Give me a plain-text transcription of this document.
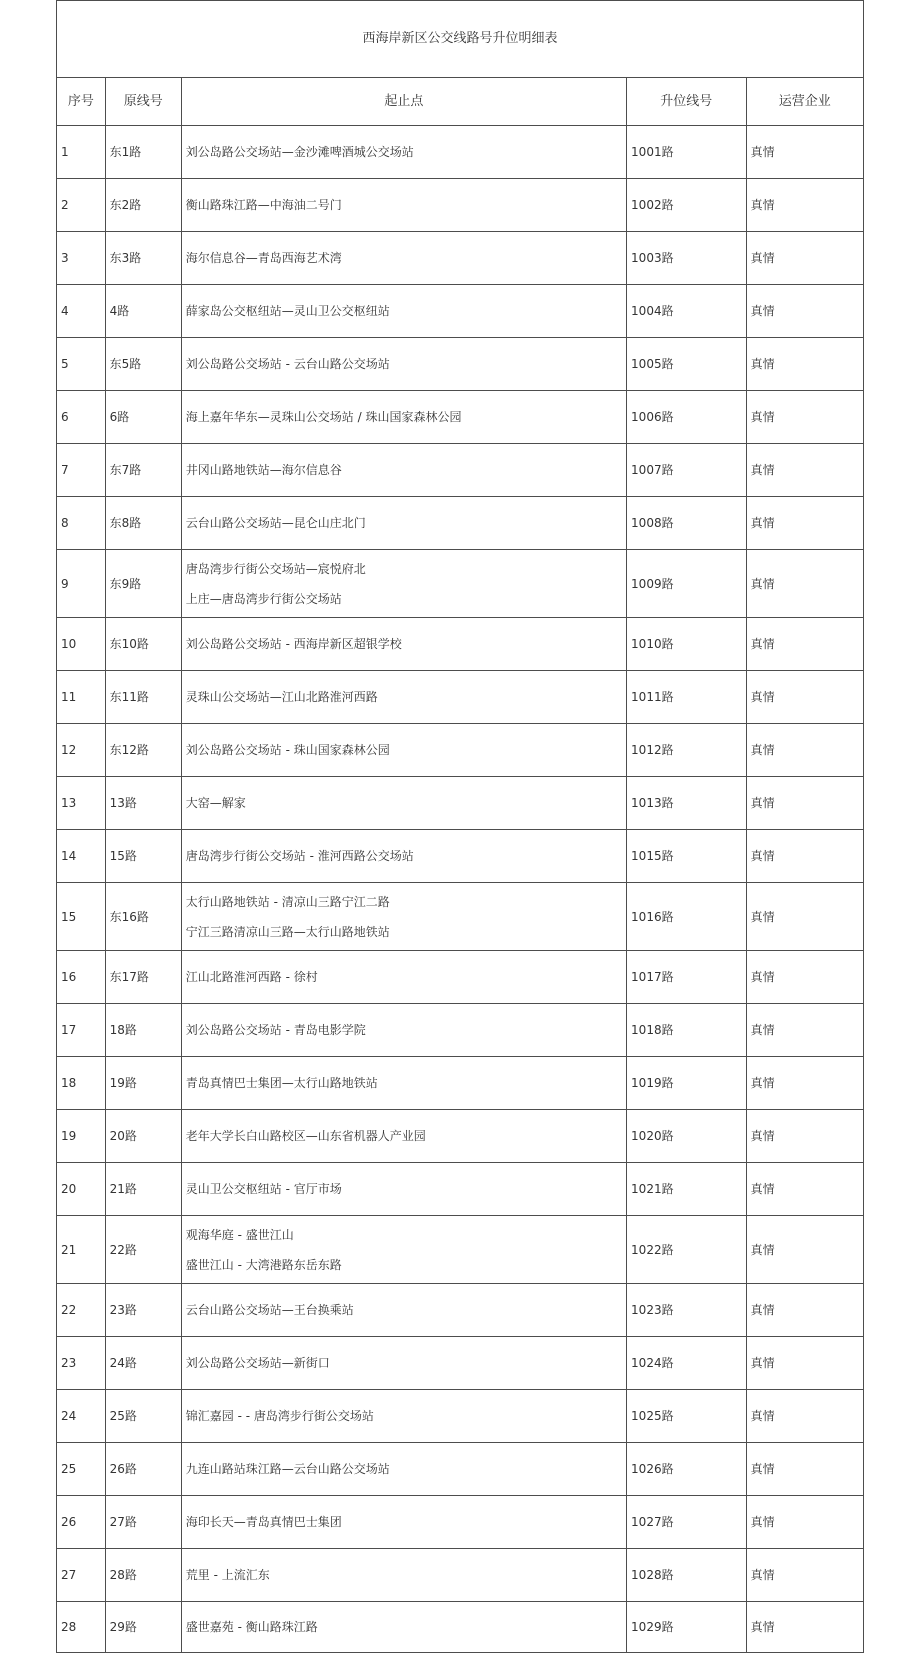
西海岸新区公交线路号升位明细表				
序号	原线号	起止点	升位线号	运营企业
1	东1路	刘公岛路公交场站—金沙滩啤酒城公交场站	1001路	真情
2	东2路	衡山路珠江路—中海油二号门	1002路	真情
3	东3路	海尔信息谷—青岛西海艺术湾	1003路	真情
4	4路	薛家岛公交枢纽站—灵山卫公交枢纽站	1004路	真情
5	东5路	刘公岛路公交场站 - 云台山路公交场站	1005路	真情
6	6路	海上嘉年华东—灵珠山公交场站 / 珠山国家森林公园	1006路	真情
7	东7路	井冈山路地铁站—海尔信息谷	1007路	真情
8	东8路	云台山路公交场站—昆仑山庄北门	1008路	真情
9	东9路	唐岛湾步行街公交场站—宸悦府北
上庄—唐岛湾步行街公交场站	1009路	真情
10	东10路	刘公岛路公交场站 - 西海岸新区超银学校	1010路	真情
11	东11路	灵珠山公交场站—江山北路淮河西路	1011路	真情
12	东12路	刘公岛路公交场站 - 珠山国家森林公园	1012路	真情
13	13路	大窑—解家	1013路	真情
14	15路	唐岛湾步行街公交场站 - 淮河西路公交场站	1015路	真情
15	东16路	太行山路地铁站 - 清凉山三路宁江二路
宁江三路清凉山三路—太行山路地铁站	1016路	真情
16	东17路	江山北路淮河西路 - 徐村	1017路	真情
17	18路	刘公岛路公交场站 - 青岛电影学院	1018路	真情
18	19路	青岛真情巴士集团—太行山路地铁站	1019路	真情
19	20路	老年大学长白山路校区—山东省机器人产业园	1020路	真情
20	21路	灵山卫公交枢纽站 - 官厅市场	1021路	真情
21	22路	观海华庭 - 盛世江山
盛世江山 - 大湾港路东岳东路	1022路	真情
22	23路	云台山路公交场站—王台换乘站	1023路	真情
23	24路	刘公岛路公交场站—新街口	1024路	真情
24	25路	锦汇嘉园 - - 唐岛湾步行街公交场站	1025路	真情
25	26路	九连山路站珠江路—云台山路公交场站	1026路	真情
26	27路	海印长天—青岛真情巴士集团	1027路	真情
27	28路	荒里 - 上流汇东	1028路	真情
28	29路	盛世嘉苑 - 衡山路珠江路	1029路	真情
